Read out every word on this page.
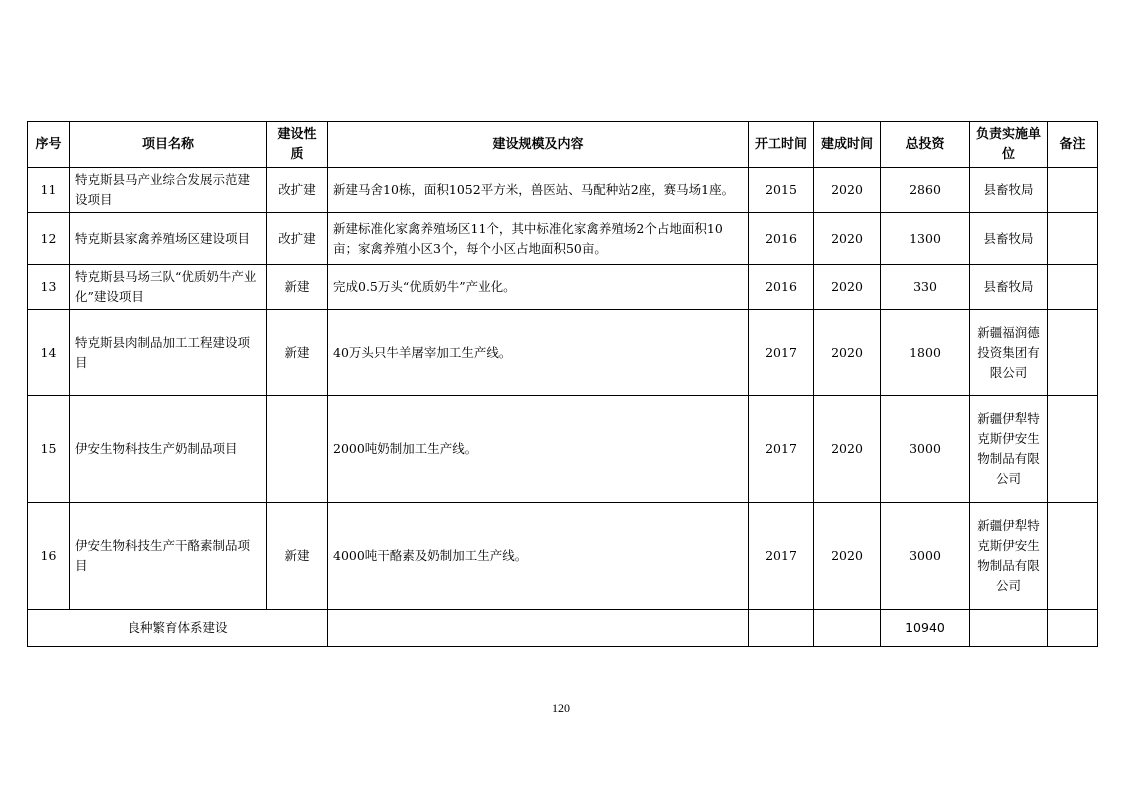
序号	项目名称	建设性质	建设规模及内容	开工时间	建成时间	总投资	负责实施单位	备注
11	特克斯县马产业综合发展示范建设项目	改扩建	新建马舍10栋，面积1052平方米，兽医站、马配种站2座，赛马场1座。	2015	2020	2860	县畜牧局	
12	特克斯县家禽养殖场区建设项目	改扩建	新建标准化家禽养殖场区11个，其中标准化家禽养殖场2个占地面积10亩；家禽养殖小区3个，每个小区占地面积50亩。	2016	2020	1300	县畜牧局	
13	特克斯县马场三队“优质奶牛产业化”建设项目	新建	完成0.5万头“优质奶牛”产业化。	2016	2020	330	县畜牧局	
14	特克斯县肉制品加工工程建设项目	新建	40万头只牛羊屠宰加工生产线。	2017	2020	1800	新疆福润德投资集团有限公司	
15	伊安生物科技生产奶制品项目		2000吨奶制加工生产线。	2017	2020	3000	新疆伊犁特克斯伊安生物制品有限公司	
16	伊安生物科技生产干酪素制品项目	新建	4000吨干酪素及奶制加工生产线。	2017	2020	3000	新疆伊犁特克斯伊安生物制品有限公司	
良种繁育体系建设						10940		
120
